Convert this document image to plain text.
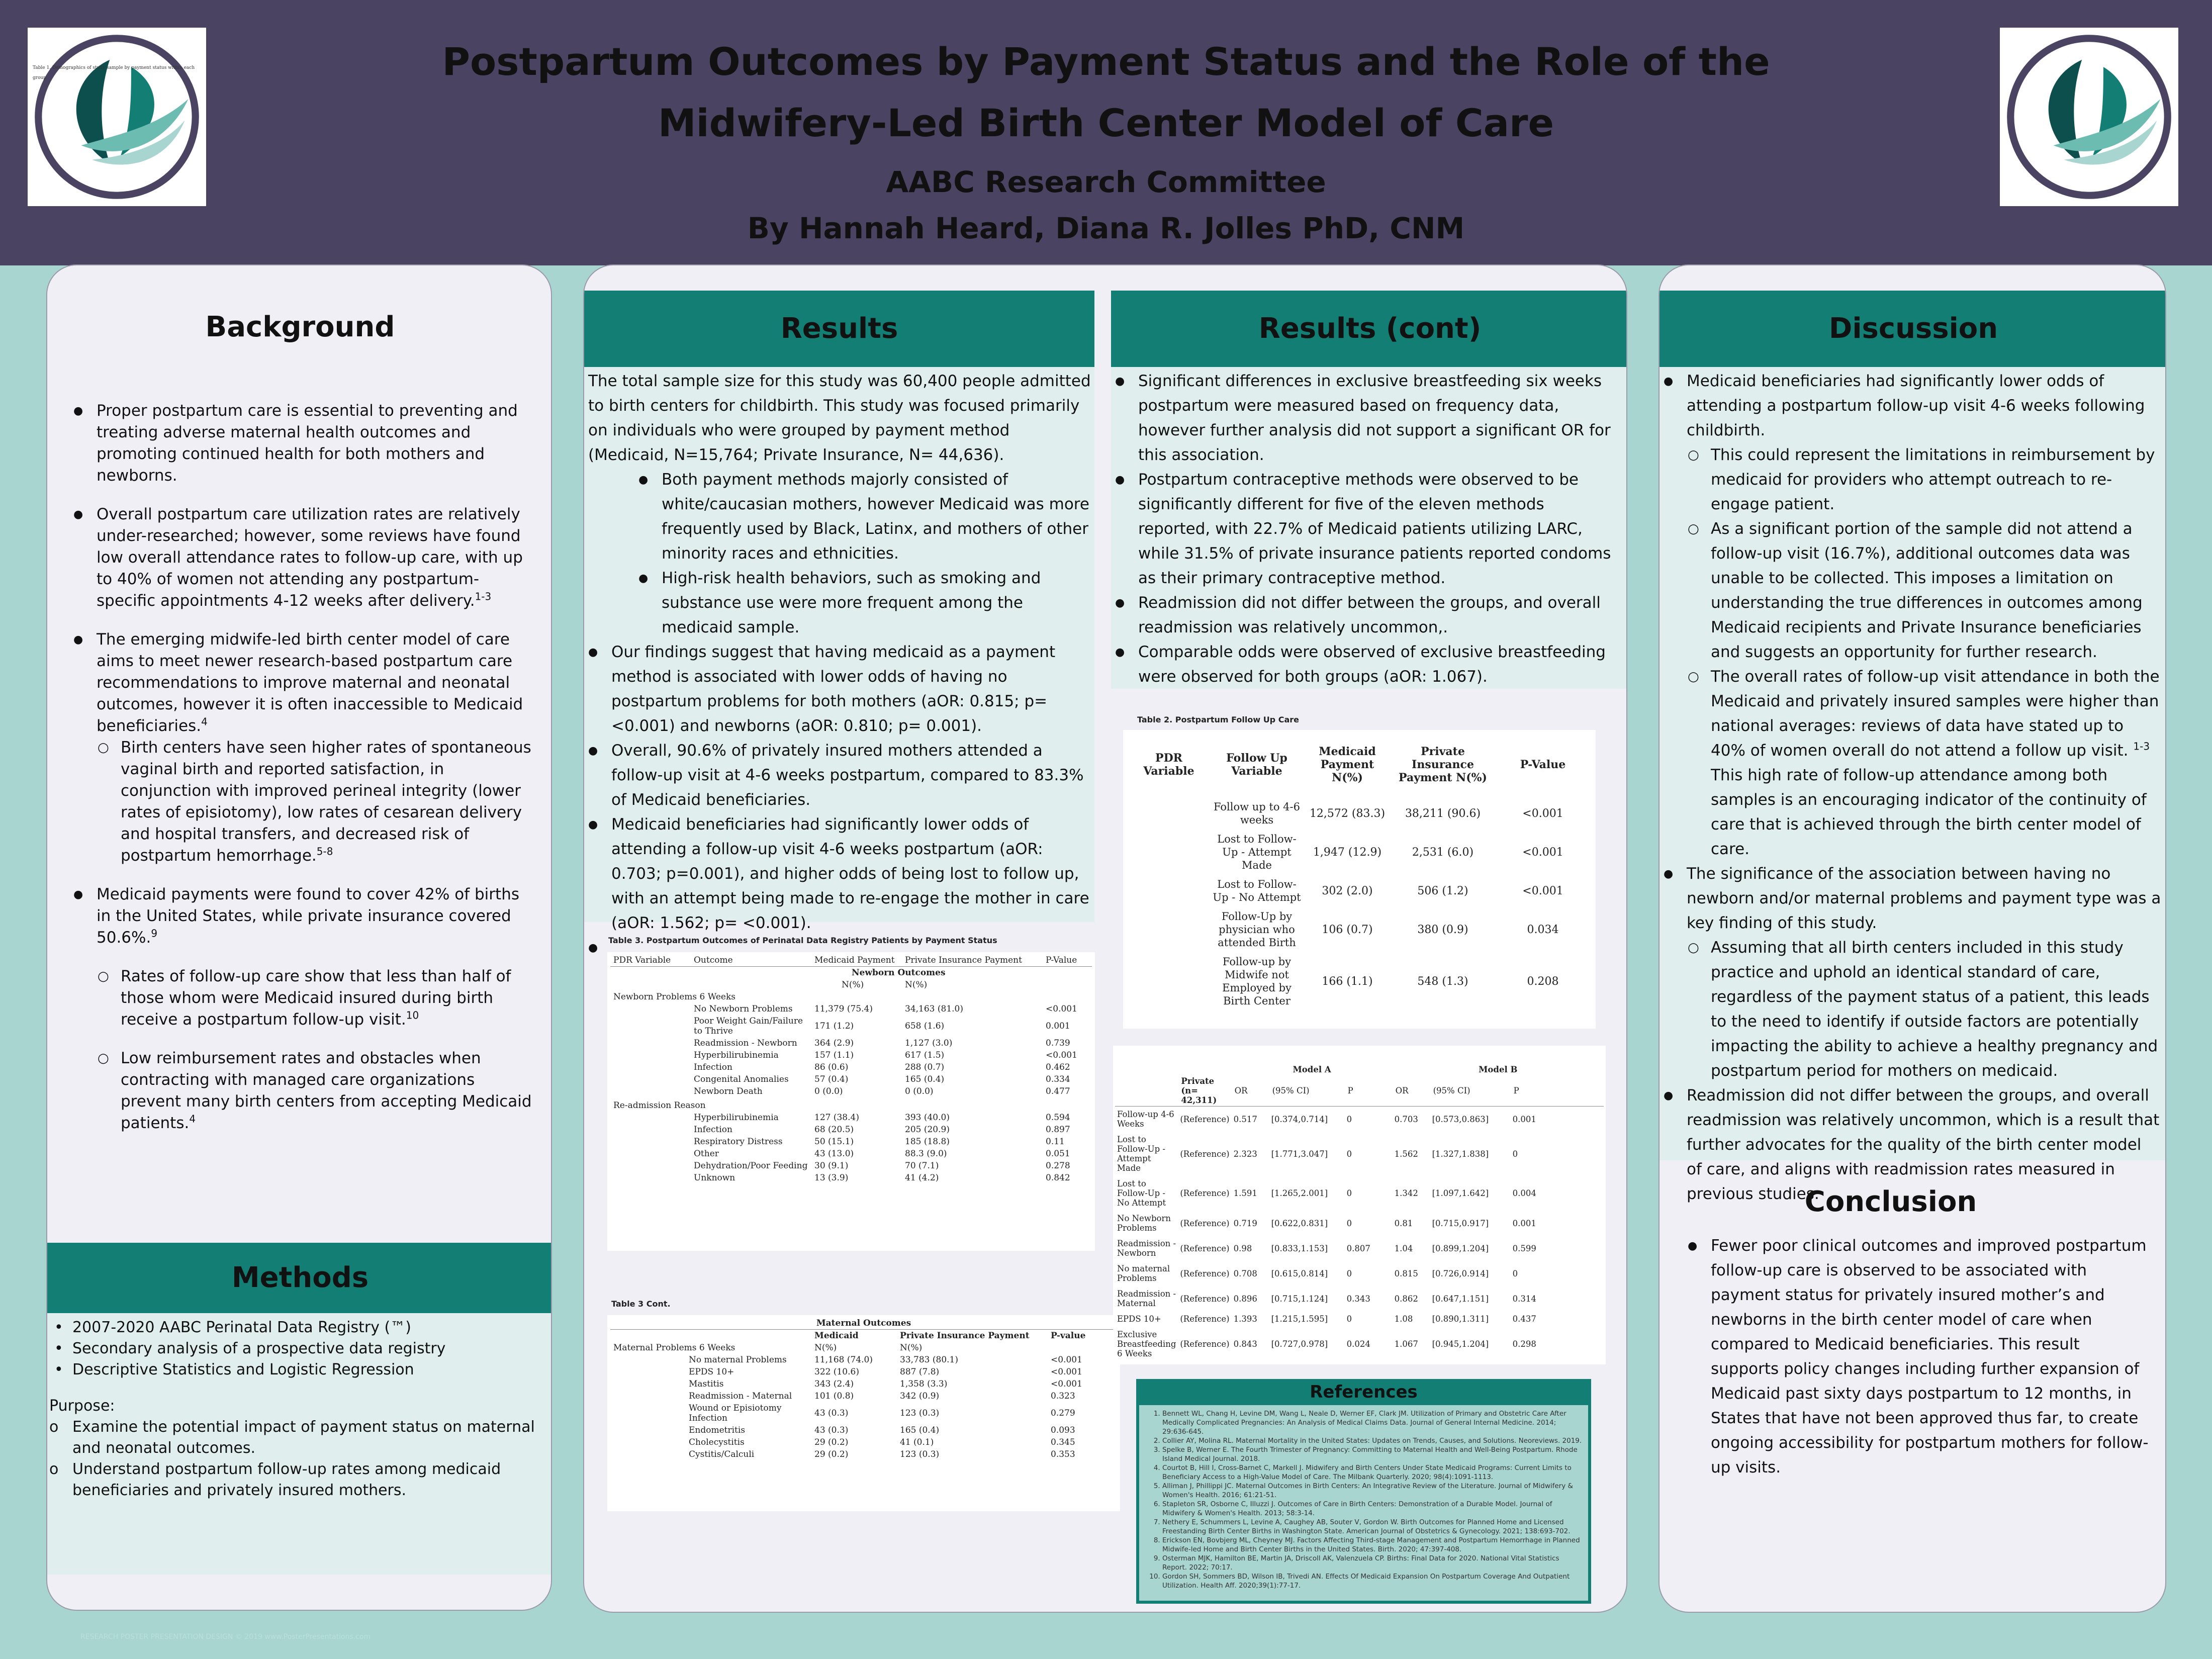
Table 1. Demographics of study sample by payment status within each group	Postpartum Outcomes by Payment Status and the Role of the
Midwifery-Led Birth Center Model of Care
AABC Research Committee
By Hannah Heard, Diana R. Jolles PhD, CNM
Background
● Proper postpartum care is essential to preventing and treating adverse maternal health outcomes and promoting continued health for both mothers and newborns.
● Overall postpartum care utilization rates are relatively under-researched; however, some reviews have found low overall attendance rates to follow-up care, with up to 40% of women not attending any postpartum-specific appointments 4-12 weeks after delivery.$^{1-3}$
● The emerging midwife-led birth center model of care aims to meet newer research-based postpartum care recommendations to improve maternal and neonatal outcomes, however it is often inaccessible to Medicaid beneficiaries.$^4$
○ Birth centers have seen higher rates of spontaneous vaginal birth and reported satisfaction, in conjunction with improved perineal integrity (lower rates of episiotomy), low rates of cesarean delivery and hospital transfers, and decreased risk of postpartum hemorrhage.$^{5-8}$
● Medicaid payments were found to cover 42% of births in the United States, while private insurance covered 50.6%.$^9$
○ Rates of follow-up care show that less than half of those whom were Medicaid insured during birth receive a postpartum follow-up visit.$^{10}$
○ Low reimbursement rates and obstacles when contracting with managed care organizations prevent many birth centers from accepting Medicaid patients.$^4$
Methods
• 2007-2020 AABC Perinatal Data Registry (™)
• Secondary analysis of a prospective data registry
• Descriptive Statistics and Logistic Regression
Purpose:
o Examine the potential impact of payment status on maternal and neonatal outcomes.
o Understand postpartum follow-up rates among medicaid beneficiaries and privately insured mothers.
Results
The total sample size for this study was 60,400 people admitted to birth centers for childbirth. This study was focused primarily on individuals who were grouped by payment method (Medicaid, N=15,764; Private Insurance, N= 44,636).
● Both payment methods majorly consisted of white/caucasian mothers, however Medicaid was more frequently used by Black, Latinx, and mothers of other minority races and ethnicities.
● High-risk health behaviors, such as smoking and substance use were more frequent among the medicaid sample.
● Our findings suggest that having medicaid as a payment method is associated with lower odds of having no postpartum problems for both mothers (aOR: 0.815; p= <0.001) and newborns (aOR: 0.810; p= 0.001).
● Overall, 90.6% of privately insured mothers attended a follow-up visit at 4-6 weeks postpartum, compared to 83.3% of Medicaid beneficiaries.
● Medicaid beneficiaries had significantly lower odds of attending a follow-up visit 4-6 weeks postpartum (aOR: 0.703; p=0.001), and higher odds of being lost to follow up, with an attempt being made to re-engage the mother in care (aOR: 1.562; p= <0.001).
●
Table 3. Postpartum Outcomes of Perinatal Data Registry Patients by Payment Status
PDR Variable	Outcome	Medicaid Payment	Private Insurance Payment	P-Value
		Newborn Outcomes		
		N(%)	N(%)	
Newborn Problems 6 Weeks				
	No Newborn Problems	11,379 (75.4)	34,163 (81.0)	<0.001
	Poor Weight Gain/Failure to Thrive	171 (1.2)	658 (1.6)	0.001
	Readmission - Newborn	364 (2.9)	1,127 (3.0)	0.739
	Hyperbilirubinemia	157 (1.1)	617 (1.5)	<0.001
	Infection	86 (0.6)	288 (0.7)	0.462
	Congenital Anomalies	57 (0.4)	165 (0.4)	0.334
	Newborn Death	0 (0.0)	0 (0.0)	0.477
Re-admission Reason				
	Hyperbilirubinemia	127 (38.4)	393 (40.0)	0.594
	Infection	68 (20.5)	205 (20.9)	0.897
	Respiratory Distress	50 (15.1)	185 (18.8)	0.11
	Other	43 (13.0)	88.3 (9.0)	0.051
	Dehydration/Poor Feeding	30 (9.1)	70 (7.1)	0.278
	Unknown	13 (3.9)	41 (4.2)	0.842
Table 3 Cont.
Maternal Outcomes				
		Medicaid	Private Insurance Payment	P-value
Maternal Problems 6 Weeks		N(%)	N(%)	
	No maternal Problems	11,168 (74.0)	33,783 (80.1)	<0.001
	EPDS 10+	322 (10.6)	887 (7.8)	<0.001
	Mastitis	343 (2.4)	1,358 (3.3)	<0.001
	Readmission - Maternal	101 (0.8)	342 (0.9)	0.323
	Wound or Episiotomy Infection	43 (0.3)	123 (0.3)	0.279
	Endometritis	43 (0.3)	165 (0.4)	0.093
	Cholecystitis	29 (0.2)	41 (0.1)	0.345
	Cystitis/Calculi	29 (0.2)	123 (0.3)	0.353
Results (cont)
● Significant differences in exclusive breastfeeding six weeks postpartum were measured based on frequency data, however further analysis did not support a significant OR for this association.
● Postpartum contraceptive methods were observed to be significantly different for five of the eleven methods reported, with 22.7% of Medicaid patients utilizing LARC, while 31.5% of private insurance patients reported condoms as their primary contraceptive method.
● Readmission did not differ between the groups, and overall readmission was relatively uncommon,.
● Comparable odds were observed of exclusive breastfeeding were observed for both groups (aOR: 1.067).
Table 2. Postpartum Follow Up Care
PDR Variable	Follow Up Variable	Medicaid Payment N(%)	Private Insurance Payment N(%)	P-Value
	Follow up to 4-6 weeks	12,572 (83.3)	38,211 (90.6)	<0.001
	Lost to Follow-Up - Attempt Made	1,947 (12.9)	2,531 (6.0)	<0.001
	Lost to Follow-Up - No Attempt	302 (2.0)	506 (1.2)	<0.001
	Follow-Up by physician who attended Birth	106 (0.7)	380 (0.9)	0.034
	Follow-up by Midwife not Employed by Birth Center	166 (1.1)	548 (1.3)	0.208
		Model A			Model B		
	Private (n= 42,311)	OR	(95% CI)	P	OR	(95% CI)	P
Follow-up 4-6 Weeks	(Reference)	0.517	[0.374,0.714]	0	0.703	[0.573,0.863]	0.001
Lost to Follow-Up - Attempt Made	(Reference)	2.323	[1.771,3.047]	0	1.562	[1.327,1.838]	0
Lost to Follow-Up - No Attempt	(Reference)	1.591	[1.265,2.001]	0	1.342	[1.097,1.642]	0.004
No Newborn Problems	(Reference)	0.719	[0.622,0.831]	0	0.81	[0.715,0.917]	0.001
Readmission - Newborn	(Reference)	0.98	[0.833,1.153]	0.807	1.04	[0.899,1.204]	0.599
No maternal Problems	(Reference)	0.708	[0.615,0.814]	0	0.815	[0.726,0.914]	0
Readmission - Maternal	(Reference)	0.896	[0.715,1.124]	0.343	0.862	[0.647,1.151]	0.314
EPDS 10+	(Reference)	1.393	[1.215,1.595]	0	1.08	[0.890,1.311]	0.437
Exclusive Breastfeeding 6 Weeks	(Reference)	0.843	[0.727,0.978]	0.024	1.067	[0.945,1.204]	0.298
References
1. Bennett WL, Chang H, Levine DM, Wang L, Neale D, Werner EF, Clark JM. Utilization of Primary and Obstetric Care After Medically Complicated Pregnancies: An Analysis of Medical Claims Data. Journal of General Internal Medicine. 2014; 29:636-645.
2. Collier AY, Molina RL. Maternal Mortality in the United States: Updates on Trends, Causes, and Solutions. Neoreviews. 2019.
3. Spelke B, Werner E. The Fourth Trimester of Pregnancy: Committing to Maternal Health and Well-Being Postpartum. Rhode Island Medical Journal. 2018.
4. Courtot B, Hill I, Cross-Barnet C, Markell J. Midwifery and Birth Centers Under State Medicaid Programs: Current Limits to Beneficiary Access to a High-Value Model of Care. The Milbank Quarterly. 2020; 98(4):1091-1113.
5. Alliman J, Phillippi JC. Maternal Outcomes in Birth Centers: An Integrative Review of the Literature. Journal of Midwifery & Women's Health. 2016; 61:21-51.
6. Stapleton SR, Osborne C, Illuzzi J. Outcomes of Care in Birth Centers: Demonstration of a Durable Model. Journal of Midwifery & Women's Health. 2013; 58:3-14.
7. Nethery E, Schummers L, Levine A, Caughey AB, Souter V, Gordon W. Birth Outcomes for Planned Home and Licensed Freestanding Birth Center Births in Washington State. American Journal of Obstetrics & Gynecology. 2021; 138:693-702.
8. Erickson EN, Bovbjerg ML, Cheyney MJ. Factors Affecting Third-stage Management and Postpartum Hemorrhage in Planned Midwife-led Home and Birth Center Births in the United States. Birth. 2020; 47:397-408.
9. Osterman MJK, Hamilton BE, Martin JA, Driscoll AK, Valenzuela CP. Births: Final Data for 2020. National Vital Statistics Report. 2022; 70:17.
10. Gordon SH, Sommers BD, Wilson IB, Trivedi AN. Effects Of Medicaid Expansion On Postpartum Coverage And Outpatient Utilization. Health Aff. 2020;39(1):77-17.
Discussion
● Medicaid beneficiaries had significantly lower odds of attending a postpartum follow-up visit 4-6 weeks following childbirth.
○ This could represent the limitations in reimbursement by medicaid for providers who attempt outreach to re-engage patient.
○ As a significant portion of the sample did not attend a follow-up visit (16.7%), additional outcomes data was unable to be collected. This imposes a limitation on understanding the true differences in outcomes among Medicaid recipients and Private Insurance beneficiaries and suggests an opportunity for further research.
○ The overall rates of follow-up visit attendance in both the Medicaid and privately insured samples were higher than national averages: reviews of data have stated up to 40% of women overall do not attend a follow up visit. $^{1-3}$ This high rate of follow-up attendance among both samples is an encouraging indicator of the continuity of care that is achieved through the birth center model of care.
● The significance of the association between having no newborn and/or maternal problems and payment type was a key finding of this study.
○ Assuming that all birth centers included in this study practice and uphold an identical standard of care, regardless of the payment status of a patient, this leads to the need to identify if outside factors are potentially impacting the ability to achieve a healthy pregnancy and postpartum period for mothers on medicaid.
● Readmission did not differ between the groups, and overall readmission was relatively uncommon, which is a result that further advocates for the quality of the birth center model of care, and aligns with readmission rates measured in previous studies.
Conclusion
● Fewer poor clinical outcomes and improved postpartum follow-up care is observed to be associated with payment status for privately insured mother’s and newborns in the birth center model of care when compared to Medicaid beneficiaries. This result supports policy changes including further expansion of Medicaid past sixty days postpartum to 12 months, in States that have not been approved thus far, to create ongoing accessibility for postpartum mothers for follow-up visits.
RESEARCH POSTER PRESENTATION DESIGN © 2019 www.PosterPresentations.com
